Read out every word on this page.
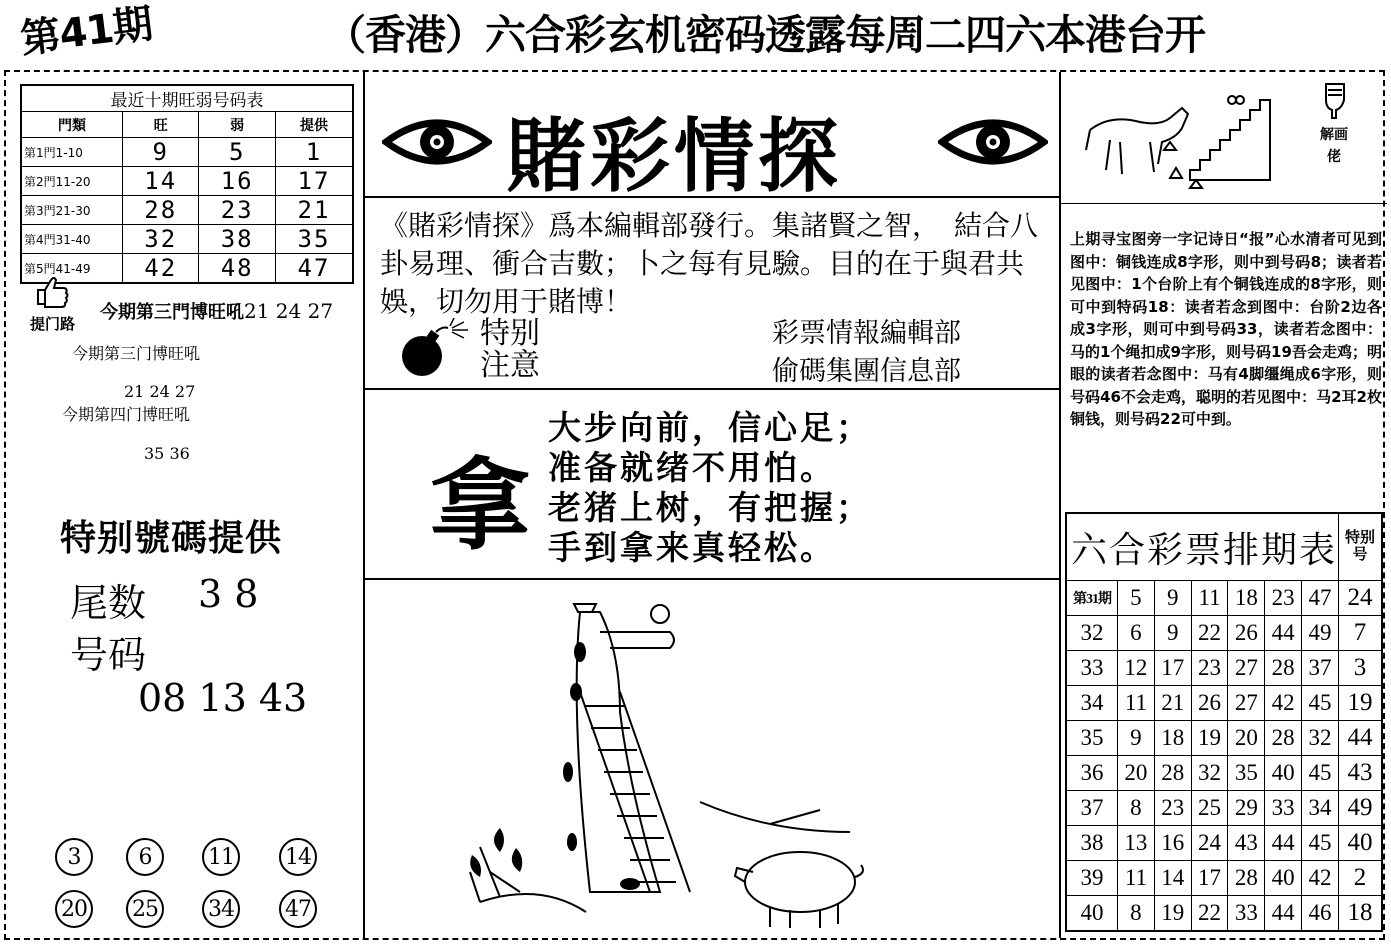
第41期	（香港）六合彩玄机密码透露每周二四六本港台开
最近十期旺弱号码表			
門類	旺	弱	提供
第1門1-10	9	5	1
第2門11-20	14	16	17
第3門21-30	28	23	21
第4門31-40	32	38	35
第5門41-49	42	48	47
提门路
今期第三門博旺吼21 24 27
今期第三门博旺吼
21 24 27
今期第四门博旺吼
35 36
特别號碼提供
尾数 3 8
号码
08 13 43
3	6	11 14
20 25 34 47
賭彩情探
《賭彩情探》爲本編輯部發行。集諸賢之智，　結合八卦易理、衝合吉數；卜之每有見驗。目的在于與君共娛，切勿用于賭博！
特别
注意
彩票情報編輯部
偷碼集團信息部
拿
大步向前，信心足；
准备就绪不用怕。
老猪上树，有把握；
手到拿来真轻松。
解画佬
上期寻宝图旁一字记诗日“报”心水清者可见到图中：铜钱连成8字形，则中到号码8；读者若见图中：1个台阶上有个铜钱连成的8字形，则可中到特码18：读者若念到图中：台阶2边各成3字形，则可中到号码33，读者若念图中：马的1个绳扣成9字形，则号码19吾会走鸡；明眼的读者若念图中：马有4脚缰绳成6字形，则号码46不会走鸡，聪明的若见图中：马2耳2枚铜钱，则号码22可中到。
六合彩票排期表							特别号
第31期	5	9	11	18	23	47	24
32	6	9	22	26	44	49	7
33	12	17	23	27	28	37	3
34	11	21	26	27	42	45	19
35	9	18	19	20	28	32	44
36	20	28	32	35	40	45	43
37	8	23	25	29	33	34	49
38	13	16	24	43	44	45	40
39	11	14	17	28	40	42	2
40	8	19	22	33	44	46	18
